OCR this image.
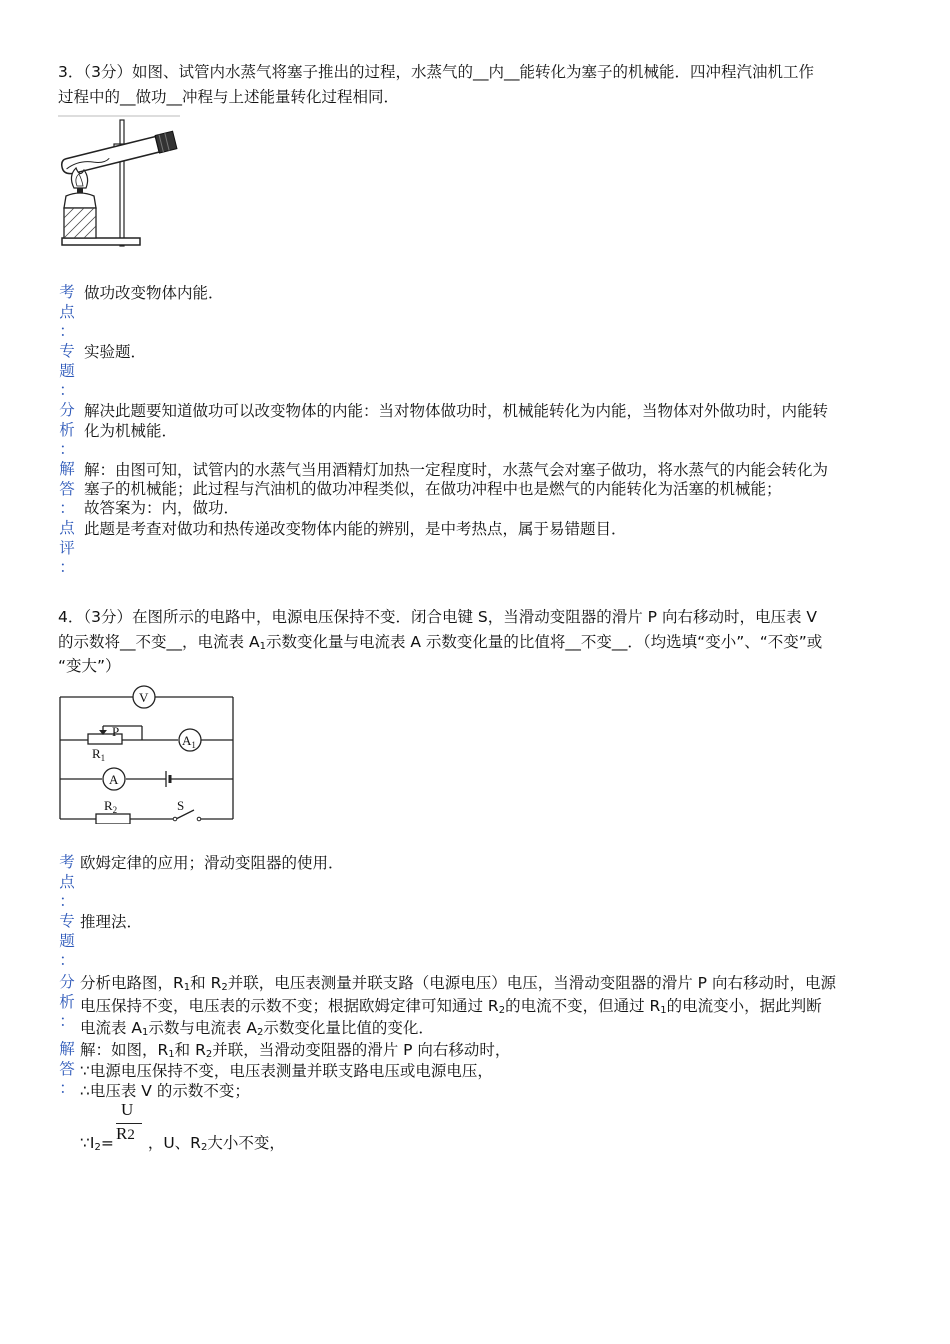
3．（3分）如图、试管内水蒸气将塞子推出的过程，水蒸气的__内__能转化为塞子的机械能．四冲程汽油机工作
过程中的__做功__冲程与上述能量转化过程相同．
考
点
：
做功改变物体内能．
专
题
：
实验题．
分
析
：
解决此题要知道做功可以改变物体的内能：当对物体做功时，机械能转化为内能，当物体对外做功时，内能转
化为机械能．
解
答
：
解：由图可知，试管内的水蒸气当用酒精灯加热一定程度时，水蒸气会对塞子做功，将水蒸气的内能会转化为
塞子的机械能；此过程与汽油机的做功冲程类似，在做功冲程中也是燃气的内能转化为活塞的机械能；
故答案为：内，做功．
点
评
：
此题是考查对做功和热传递改变物体内能的辨别，是中考热点，属于易错题目．
4．（3分）在图所示的电路中，电源电压保持不变．闭合电键 S，当滑动变阻器的滑片 P 向右移动时，电压表 V
的示数将__不变__，电流表 $A_1$示数变化量与电流表 A 示数变化量的比值将__不变__．（均选填“变小”、“不变”或
“变大”）
V
$A_1$
A
P
$R_1$
$R_2$	S
考
点
：
欧姆定律的应用；滑动变阻器的使用．
专
题
：
推理法．
分
析
：
分析电路图，$R_1$和 $R_2$并联，电压表测量并联支路（电源电压）电压，当滑动变阻器的滑片 P 向右移动时，电源
电压保持不变，电压表的示数不变；根据欧姆定律可知通过 $R_2$的电流不变，但通过 $R_1$的电流变小，据此判断
电流表 $A_1$示数与电流表 $A_2$示数变化量比值的变化．
解
答
：
解：如图，$R_1$和 $R_2$并联，当滑动变阻器的滑片 P 向右移动时，
∵电源电压保持不变，电压表测量并联支路电压或电源电压，
∴电压表 V 的示数不变；
U
R2
$\because I_2=$ ，U、$R_2$大小不变，
